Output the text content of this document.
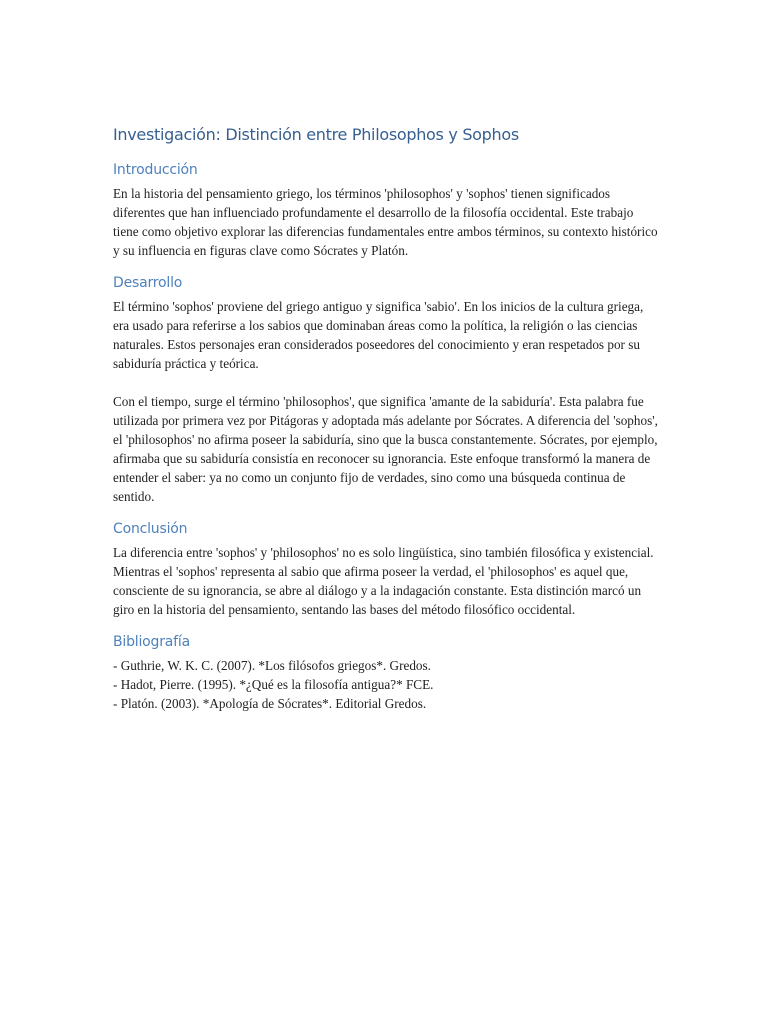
Investigación: Distinción entre Philosophos y Sophos
Introducción

En la historia del pensamiento griego, los términos 'philosophos' y 'sophos' tienen significados diferentes que han influenciado profundamente el desarrollo de la filosofía occidental. Este trabajo tiene como objetivo explorar las diferencias fundamentales entre ambos términos, su contexto histórico y su influencia en figuras clave como Sócrates y Platón.

Desarrollo

El término 'sophos' proviene del griego antiguo y significa 'sabio'. En los inicios de la cultura griega, era usado para referirse a los sabios que dominaban áreas como la política, la religión o las ciencias naturales. Estos personajes eran considerados poseedores del conocimiento y eran respetados por su sabiduría práctica y teórica.

Con el tiempo, surge el término 'philosophos', que significa 'amante de la sabiduría'. Esta palabra fue utilizada por primera vez por Pitágoras y adoptada más adelante por Sócrates. A diferencia del 'sophos', el 'philosophos' no afirma poseer la sabiduría, sino que la busca constantemente. Sócrates, por ejemplo, afirmaba que su sabiduría consistía en reconocer su ignorancia. Este enfoque transformó la manera de entender el saber: ya no como un conjunto fijo de verdades, sino como una búsqueda continua de sentido.

Conclusión

La diferencia entre 'sophos' y 'philosophos' no es solo lingüística, sino también filosófica y existencial. Mientras el 'sophos' representa al sabio que afirma poseer la verdad, el 'philosophos' es aquel que, consciente de su ignorancia, se abre al diálogo y a la indagación constante. Esta distinción marcó un giro en la historia del pensamiento, sentando las bases del método filosófico occidental.

Bibliografía

- Guthrie, W. K. C. (2007). *Los filósofos griegos*. Gredos.

- Hadot, Pierre. (1995). *¿Qué es la filosofía antigua?* FCE.

- Platón. (2003). *Apología de Sócrates*. Editorial Gredos.
